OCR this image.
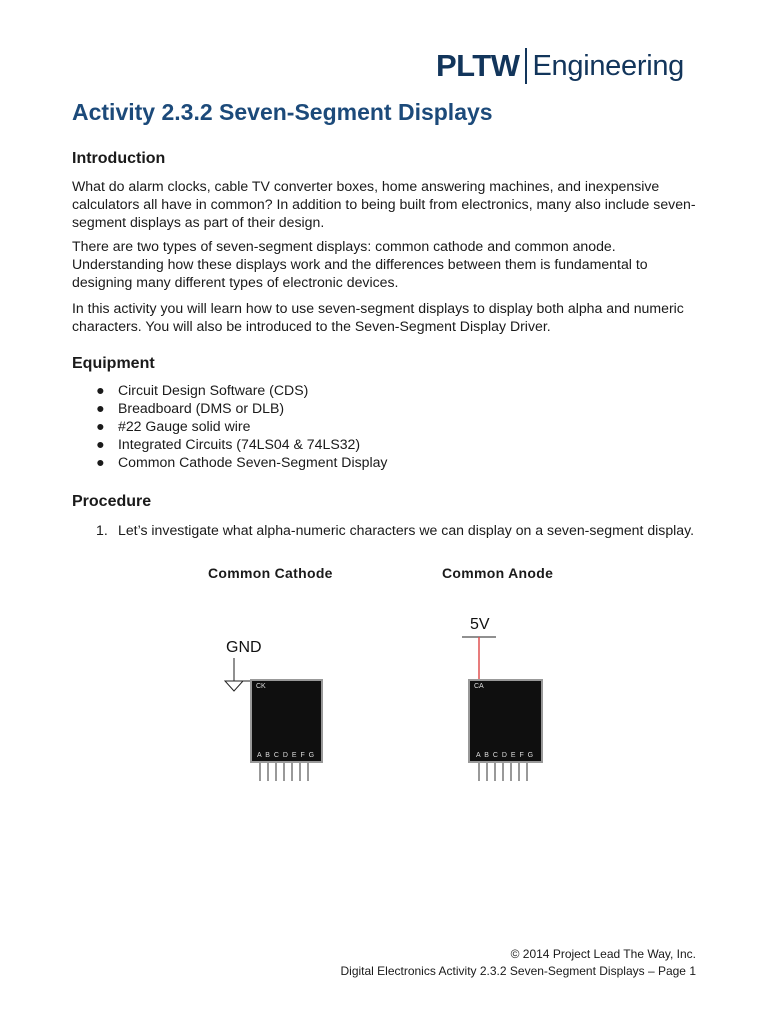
PLTW Engineering
Activity 2.3.2 Seven-Segment Displays
Introduction

What do alarm clocks, cable TV converter boxes, home answering machines, and inexpensive calculators all have in common? In addition to being built from electronics, many also include seven-segment displays as part of their design.

There are two types of seven-segment displays: common cathode and common anode. Understanding how these displays work and the differences between them is fundamental to designing many different types of electronic devices.

In this activity you will learn how to use seven-segment displays to display both alpha and numeric characters. You will also be introduced to the Seven-Segment Display Driver.

Equipment
● Circuit Design Software (CDS)
● Breadboard (DMS or DLB)
● #22 Gauge solid wire
● Integrated Circuits (74LS04 & 74LS32)
● Common Cathode Seven-Segment Display
Procedure
1. Let’s investigate what alpha-numeric characters we can display on a seven-segment display.
Common Cathode	Common Anode
GND
CK
A B C D E F G
5V
CA
A B C D E F G
© 2014 Project Lead The Way, Inc.
Digital Electronics Activity 2.3.2 Seven-Segment Displays – Page 1
